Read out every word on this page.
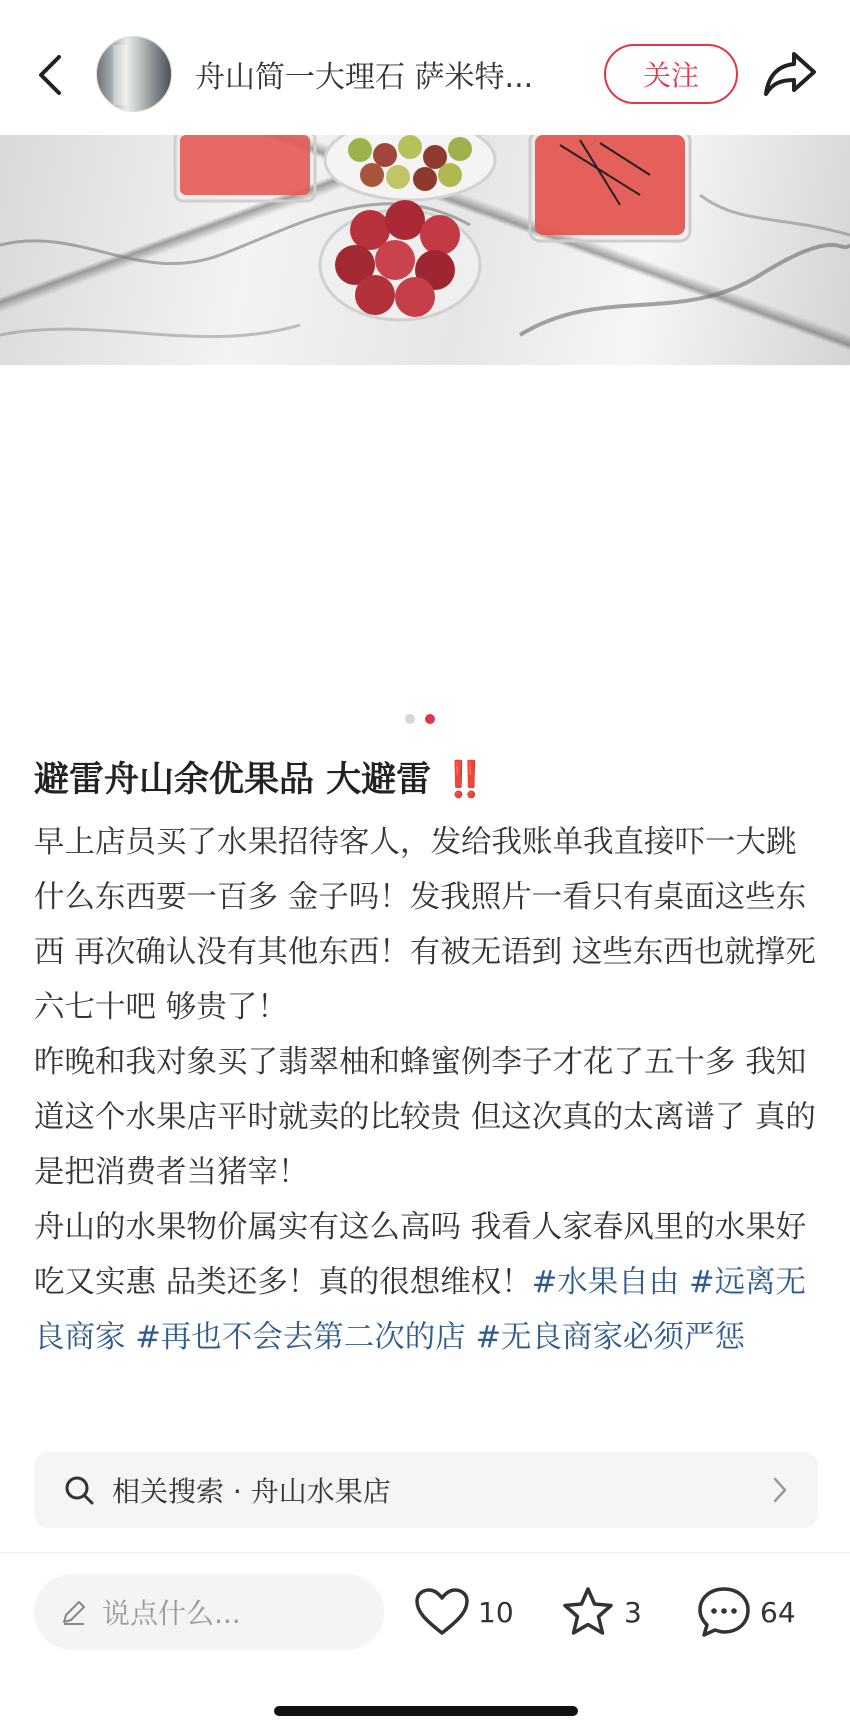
舟山简一大理石 萨米特...	关注
避雷舟山余优果品 大避雷 ‼️

早上店员买了水果招待客人，发给我账单我直接吓一大跳 什么东西要一百多 金子吗！发我照片一看只有桌面这些东西 再次确认没有其他东西！有被无语到 这些东西也就撑死六七十吧 够贵了！

昨晚和我对象买了翡翠柚和蜂蜜例李子才花了五十多 我知道这个水果店平时就卖的比较贵 但这次真的太离谱了 真的是把消费者当猪宰！

舟山的水果物价属实有这么高吗 我看人家春风里的水果好吃又实惠 品类还多！真的很想维权！#水果自由 #远离无良商家 #再也不会去第二次的店 #无良商家必须严惩

相关搜索 · 舟山水果店
说点什么...	10	3	64
